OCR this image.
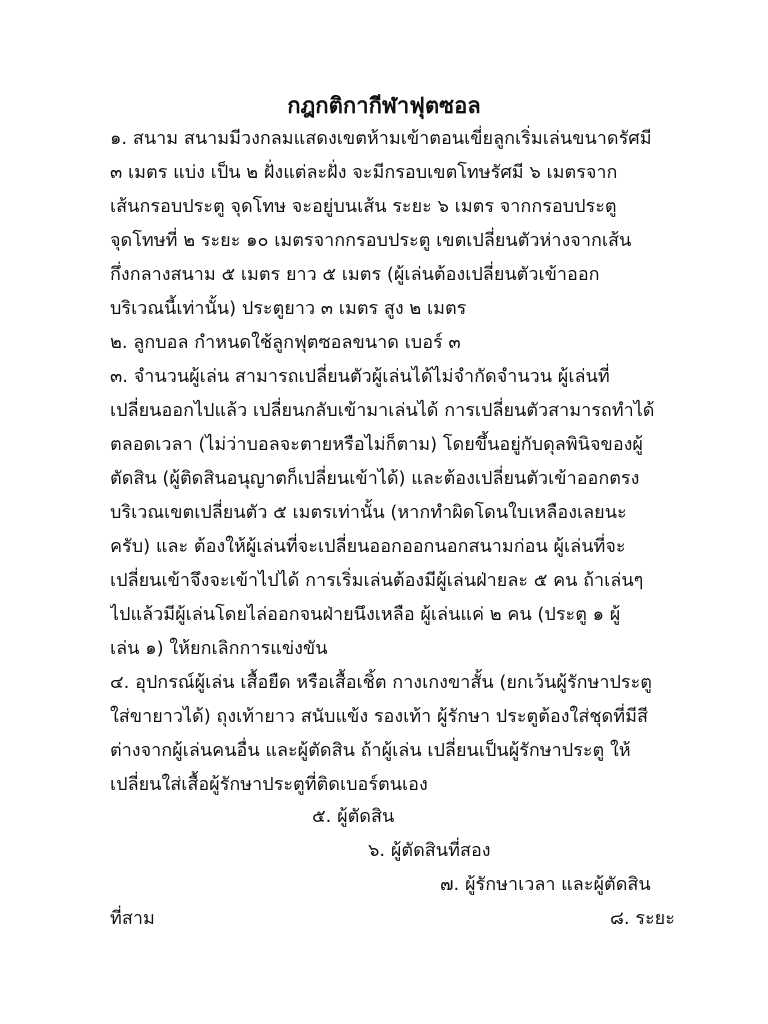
กฎกติกากีฬาฟุตซอล
๑. สนาม สนามมีวงกลมแสดงเขตห้ามเข้าตอนเขี่ยลูกเริ่มเล่นขนาดรัศมี
๓ เมตร แบ่ง เป็น ๒ ฝั่งแต่ละฝั่ง จะมีกรอบเขตโทษรัศมี ๖ เมตรจาก
เส้นกรอบประตู จุดโทษ จะอยู่บนเส้น ระยะ ๖ เมตร จากกรอบประตู
จุดโทษที่ ๒ ระยะ ๑๐ เมตรจากกรอบประตู เขตเปลี่ยนตัวห่างจากเส้น
กึ่งกลางสนาม ๕ เมตร ยาว ๕ เมตร (ผู้เล่นต้องเปลี่ยนตัวเข้าออก
บริเวณนี้เท่านั้น) ประตูยาว ๓ เมตร สูง ๒ เมตร
๒. ลูกบอล กำหนดใช้ลูกฟุตซอลขนาด เบอร์ ๓
๓. จำนวนผู้เล่น สามารถเปลี่ยนตัวผู้เล่นได้ไม่จำกัดจำนวน ผู้เล่นที่
เปลี่ยนออกไปแล้ว เปลี่ยนกลับเข้ามาเล่นได้ การเปลี่ยนตัวสามารถทำได้
ตลอดเวลา (ไม่ว่าบอลจะตายหรือไม่ก็ตาม) โดยขึ้นอยู่กับดุลพินิจของผู้
ตัดสิน (ผู้ติดสินอนุญาตก็เปลี่ยนเข้าได้) และต้องเปลี่ยนตัวเข้าออกตรง
บริเวณเขตเปลี่ยนตัว ๕ เมตรเท่านั้น (หากทำผิดโดนใบเหลืองเลยนะ
ครับ) และ ต้องให้ผู้เล่นที่จะเปลี่ยนออกออกนอกสนามก่อน ผู้เล่นที่จะ
เปลี่ยนเข้าจึงจะเข้าไปได้ การเริ่มเล่นต้องมีผู้เล่นฝ่ายละ ๕ คน ถ้าเล่นๆ
ไปแล้วมีผู้เล่นโดยไล่ออกจนฝ่ายนึงเหลือ ผู้เล่นแค่ ๒ คน (ประตู ๑ ผู้
เล่น ๑) ให้ยกเลิกการแข่งขัน
๔. อุปกรณ์ผู้เล่น เสื้อยืด หรือเสื้อเชิ้ต กางเกงขาสั้น (ยกเว้นผู้รักษาประตู
ใส่ขายาวได้) ถุงเท้ายาว สนับแข้ง รองเท้า ผู้รักษา ประตูต้องใส่ชุดที่มีสี
ต่างจากผู้เล่นคนอื่น และผู้ตัดสิน ถ้าผู้เล่น เปลี่ยนเป็นผู้รักษาประตู ให้
เปลี่ยนใส่เสื้อผู้รักษาประตูที่ติดเบอร์ตนเอง
๕. ผู้ตัดสิน
๖. ผู้ตัดสินที่สอง
๗. ผู้รักษาเวลา และผู้ตัดสิน
ที่สาม	๘. ระยะ
